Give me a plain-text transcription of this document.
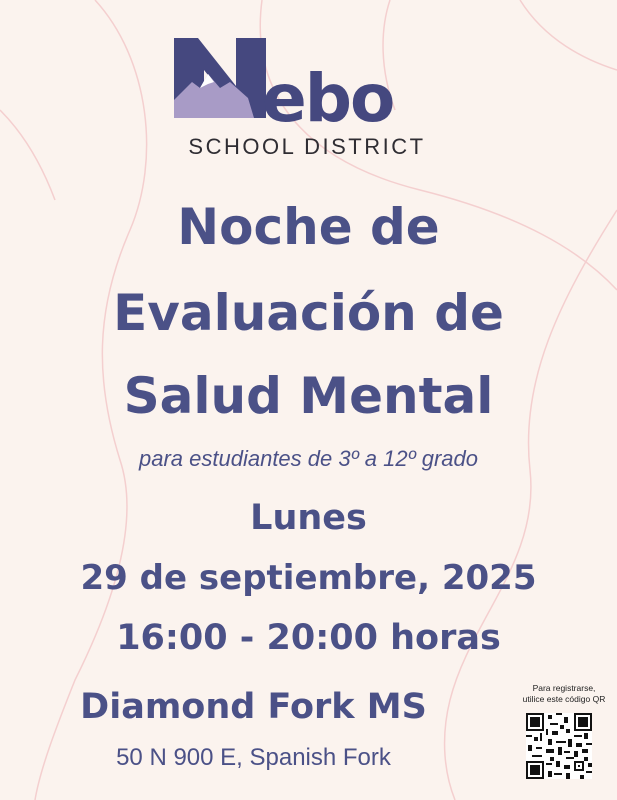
ebo
SCHOOL DISTRICT
Noche de
Evaluación de
Salud Mental
para estudiantes de 3º a 12º grado
Lunes
29 de septiembre, 2025
16:00 - 20:00 horas
Diamond Fork MS
50 N 900 E, Spanish Fork
Para registrarse,
utilice este código QR
